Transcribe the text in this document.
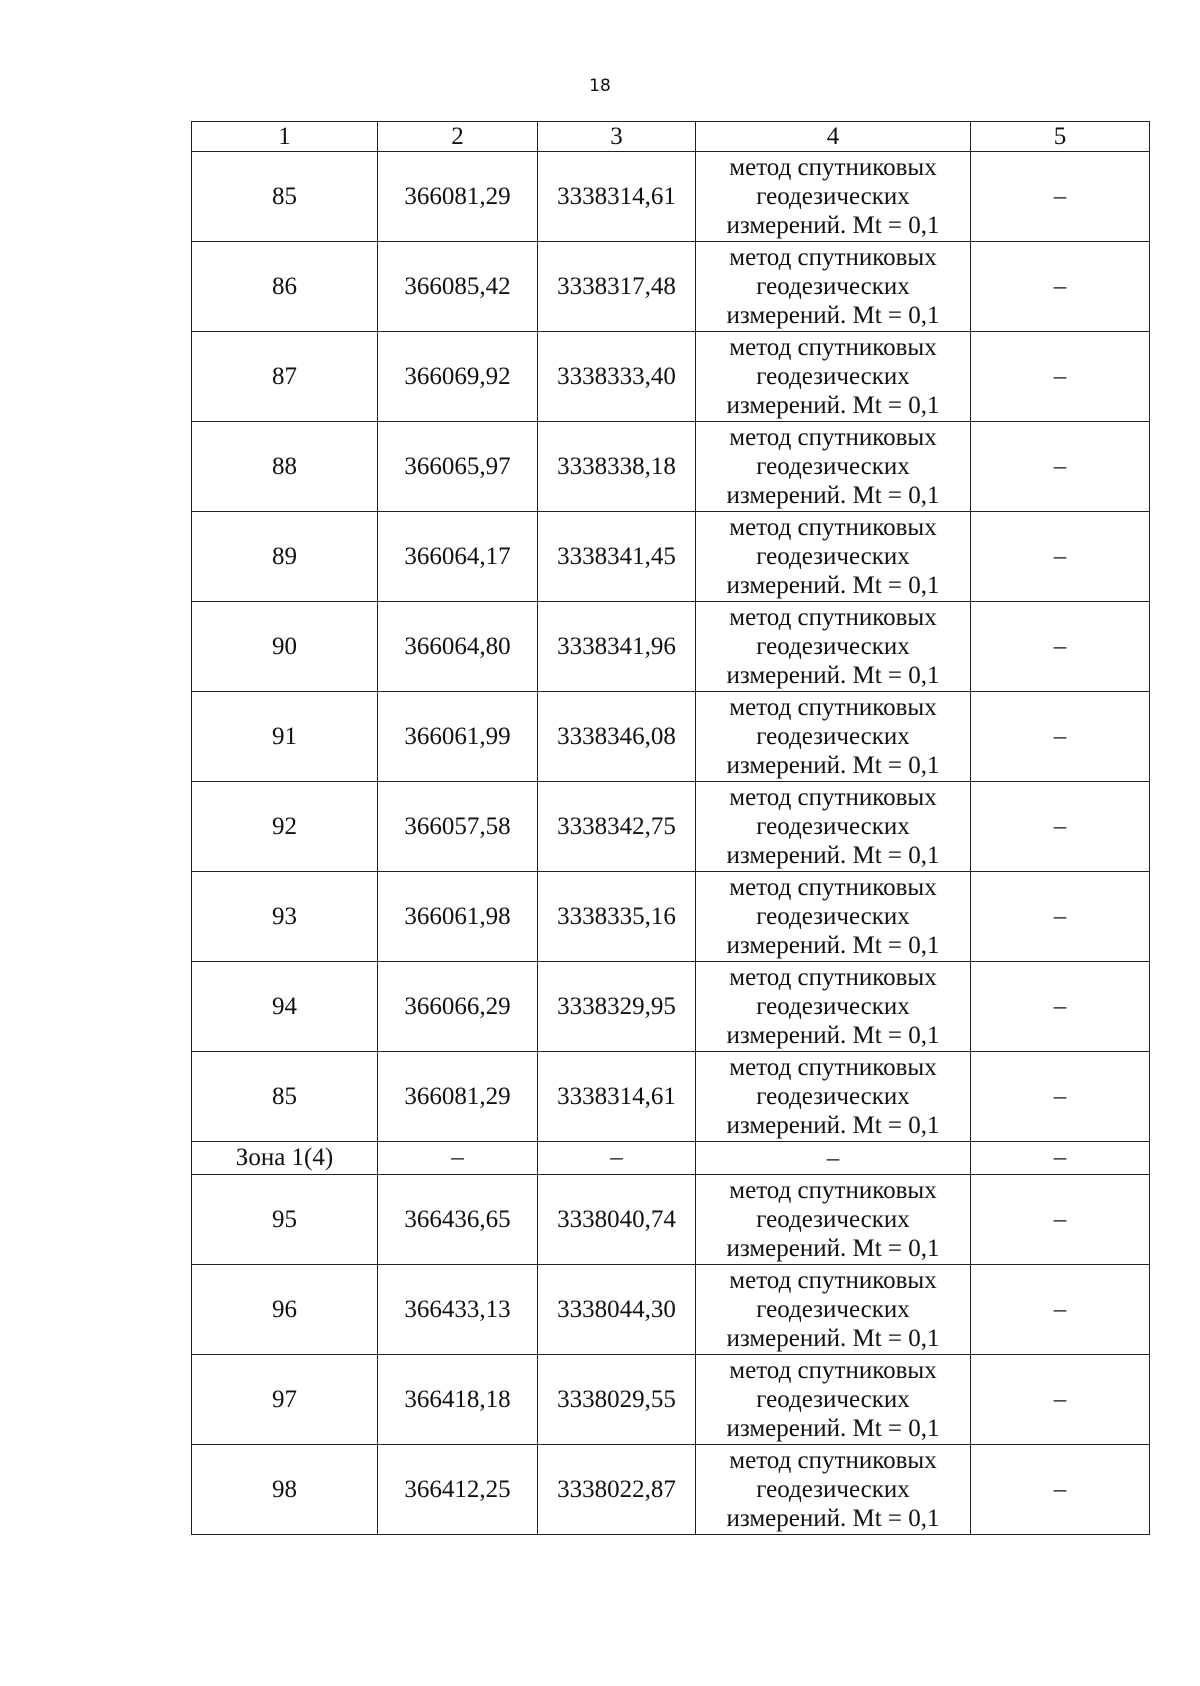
18
1	2	3	4	5
85	366081,29	3338314,61	метод спутниковых
геодезических
измерений. Mt = 0,1	–
86	366085,42	3338317,48	метод спутниковых
геодезических
измерений. Mt = 0,1	–
87	366069,92	3338333,40	метод спутниковых
геодезических
измерений. Mt = 0,1	–
88	366065,97	3338338,18	метод спутниковых
геодезических
измерений. Mt = 0,1	–
89	366064,17	3338341,45	метод спутниковых
геодезических
измерений. Mt = 0,1	–
90	366064,80	3338341,96	метод спутниковых
геодезических
измерений. Mt = 0,1	–
91	366061,99	3338346,08	метод спутниковых
геодезических
измерений. Mt = 0,1	–
92	366057,58	3338342,75	метод спутниковых
геодезических
измерений. Mt = 0,1	–
93	366061,98	3338335,16	метод спутниковых
геодезических
измерений. Mt = 0,1	–
94	366066,29	3338329,95	метод спутниковых
геодезических
измерений. Mt = 0,1	–
85	366081,29	3338314,61	метод спутниковых
геодезических
измерений. Mt = 0,1	–
Зона 1(4)	–	–	–	–
95	366436,65	3338040,74	метод спутниковых
геодезических
измерений. Mt = 0,1	–
96	366433,13	3338044,30	метод спутниковых
геодезических
измерений. Mt = 0,1	–
97	366418,18	3338029,55	метод спутниковых
геодезических
измерений. Mt = 0,1	–
98	366412,25	3338022,87	метод спутниковых
геодезических
измерений. Mt = 0,1	–
